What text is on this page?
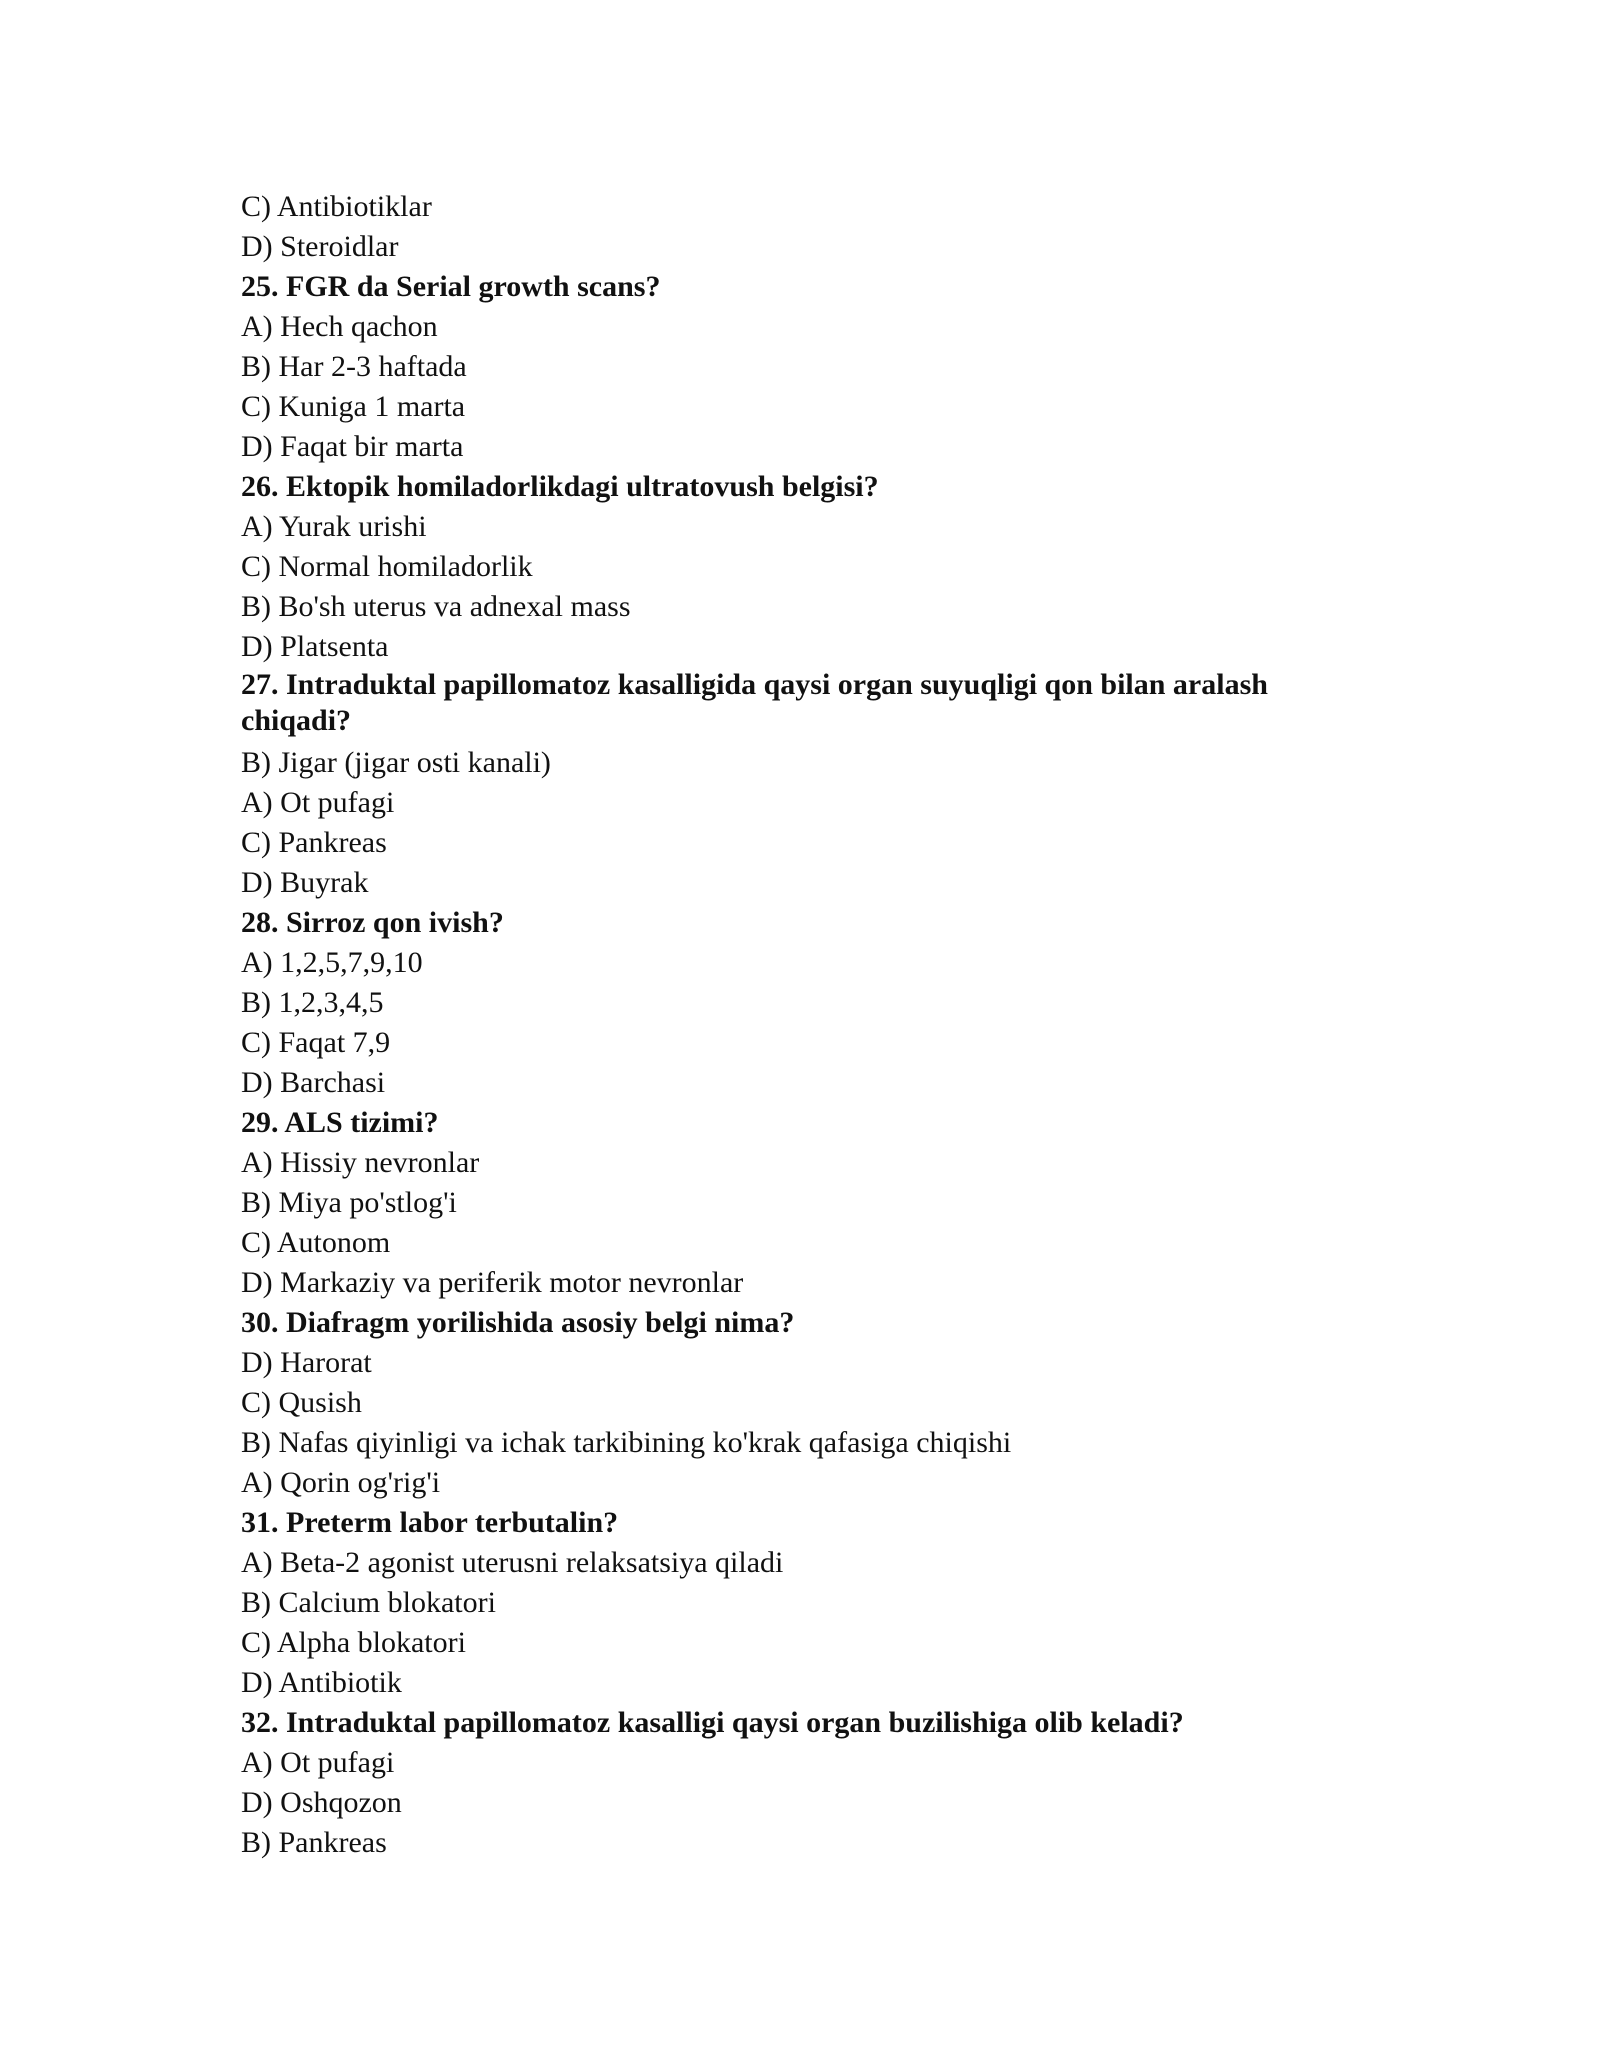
C) Antibiotiklar

D) Steroidlar

25. FGR da Serial growth scans?

A) Hech qachon

B) Har 2-3 haftada

C) Kuniga 1 marta

D) Faqat bir marta

26. Ektopik homiladorlikdagi ultratovush belgisi?

A) Yurak urishi

C) Normal homiladorlik

B) Bo'sh uterus va adnexal mass

D) Platsenta

27. Intraduktal papillomatoz kasalligida qaysi organ suyuqligi qon bilan aralash chiqadi?

B) Jigar (jigar osti kanali)

A) Ot pufagi

C) Pankreas

D) Buyrak

28. Sirroz qon ivish?

A) 1,2,5,7,9,10

B) 1,2,3,4,5

C) Faqat 7,9

D) Barchasi

29. ALS tizimi?

A) Hissiy nevronlar

B) Miya po'stlog'i

C) Autonom

D) Markaziy va periferik motor nevronlar

30. Diafragm yorilishida asosiy belgi nima?

D) Harorat

C) Qusish

B) Nafas qiyinligi va ichak tarkibining ko'krak qafasiga chiqishi

A) Qorin og'rig'i

31. Preterm labor terbutalin?

A) Beta-2 agonist uterusni relaksatsiya qiladi

B) Calcium blokatori

C) Alpha blokatori

D) Antibiotik

32. Intraduktal papillomatoz kasalligi qaysi organ buzilishiga olib keladi?

A) Ot pufagi

D) Oshqozon

B) Pankreas
